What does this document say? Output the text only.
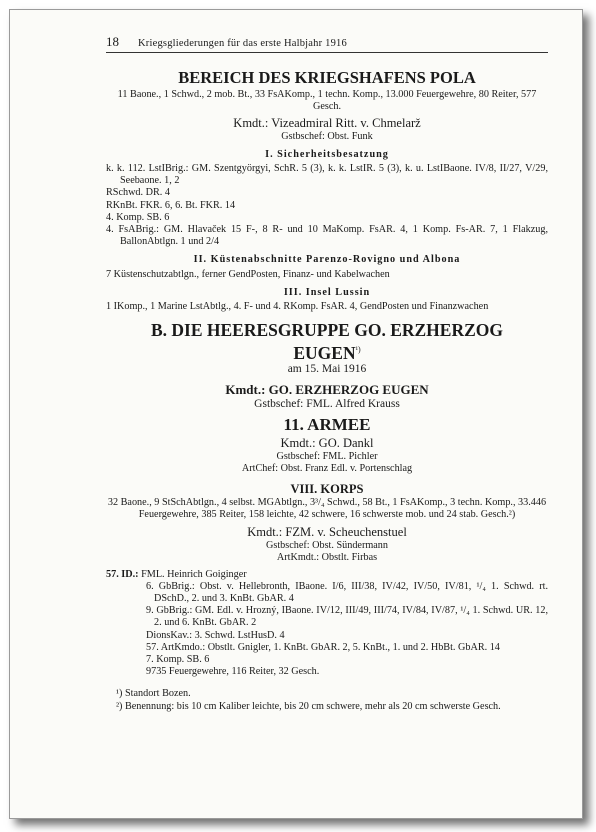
18	Kriegsgliederungen für das erste Halbjahr 1916
BEREICH DES KRIEGSHAFENS POLA
11 Baone., 1 Schwd., 2 mob. Bt., 33 FsAKomp., 1 techn. Komp., 13.000 Feuergewehre, 80 Reiter, 577 Gesch.
Kmdt.: Vizeadmiral Ritt. v. Chmelarž
Gstbschef: Obst. Funk
I. Sicherheitsbesatzung
k. k. 112. LstIBrig.: GM. Szentgyörgyi, SchR. 5 (3), k. k. LstIR. 5 (3), k. u. LstIBaone. IV/8, II/27, V/29, Seebaone. 1, 2
RSchwd. DR. 4
RKnBt. FKR. 6, 6. Bt. FKR. 14
4. Komp. SB. 6
4. FsABrig.: GM. Hlavaček 15 F-, 8 R- und 10 MaKomp. FsAR. 4, 1 Komp. Fs-AR. 7, 1 Flakzug, BallonAbtlgn. 1 und 2/4
II. Küstenabschnitte Parenzo-Rovigno und Albona
7 Küstenschutzabtlgn., ferner GendPosten, Finanz- und Kabelwachen
III. Insel Lussin
1 IKomp., 1 Marine LstAbtlg., 4. F- und 4. RKomp. FsAR. 4, GendPosten und Finanzwachen
B. DIE HEERESGRUPPE GO. ERZHERZOG
$EUGEN^{^1)}$
am 15. Mai 1916
Kmdt.: GO. ERZHERZOG EUGEN
Gstbschef: FML. Alfred Krauss
11. ARMEE
Kmdt.: GO. Dankl
Gstbschef: FML. Pichler
ArtChef: Obst. Franz Edl. v. Portenschlag
VIII. KORPS
32 Baone., 9 StSchAbtlgn., 4 selbst. MGAbtlgn., 3³/₄ Schwd., 58 Bt., 1 FsAKomp., 3 techn. Komp., 33.446 Feuergewehre, 385 Reiter, 158 leichte, 42 schwere, 16 schwerste mob. und 24 stab. Gesch.²)
Kmdt.: FZM. v. Scheuchenstuel
Gstbschef: Obst. Sündermann
ArtKmdt.: Obstlt. Firbas
57. ID.: FML. Heinrich Goiginger
6. GbBrig.: Obst. v. Hellebronth, IBaone. I/6, III/38, IV/42, IV/50, IV/81, ¹/₄ 1. Schwd. rt. DSchD., 2. und 3. KnBt. GbAR. 4
9. GbBrig.: GM. Edl. v. Hrozný, IBaone. IV/12, III/49, III/74, IV/84, IV/87, ¹/₄ 1. Schwd. UR. 12, 2. und 6. KnBt. GbAR. 2
DionsKav.: 3. Schwd. LstHusD. 4
57. ArtKmdo.: Obstlt. Gnigler, 1. KnBt. GbAR. 2, 5. KnBt., 1. und 2. HbBt. GbAR. 14
7. Komp. SB. 6
9735 Feuergewehre, 116 Reiter, 32 Gesch.
¹) Standort Bozen.
²) Benennung: bis 10 cm Kaliber leichte, bis 20 cm schwere, mehr als 20 cm schwerste Gesch.
